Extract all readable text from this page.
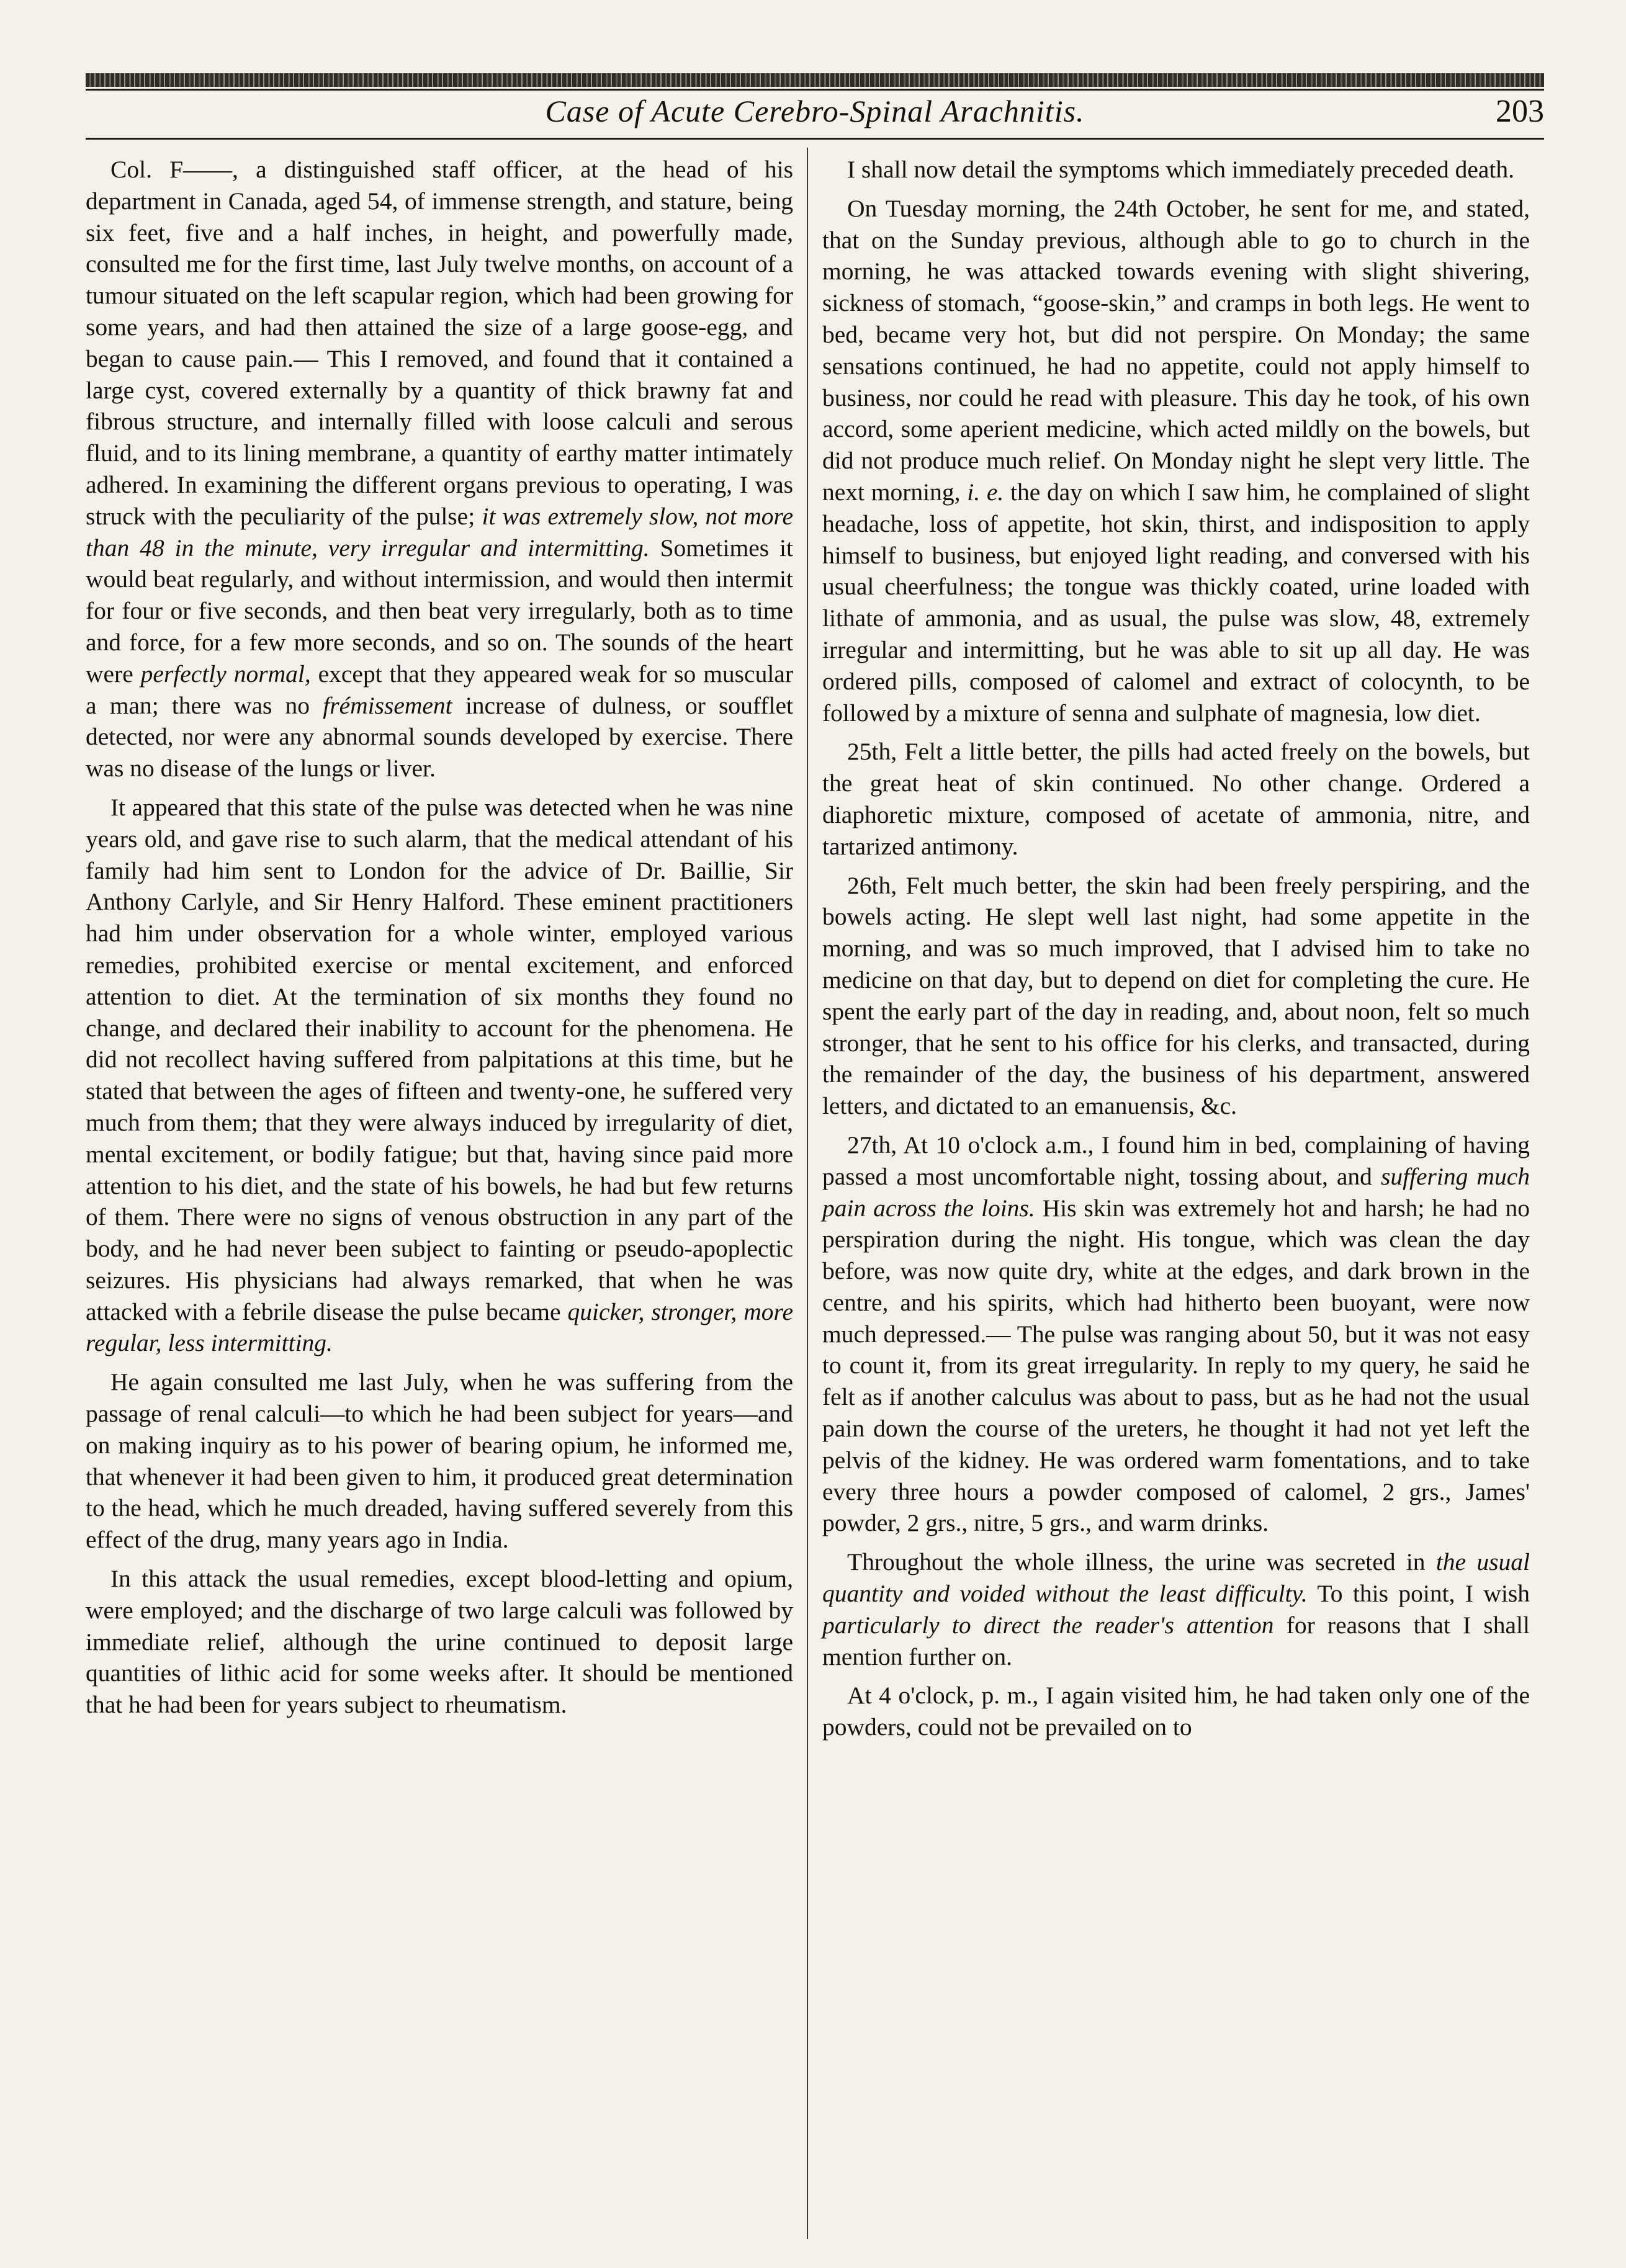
Case of Acute Cerebro-Spinal Arachnitis.	203

Col. F——, a distinguished staff officer, at the head of his department in Canada, aged 54, of immense strength, and stature, being six feet, five and a half inches, in height, and powerfully made, consulted me for the first time, last July twelve months, on account of a tumour situated on the left scapular region, which had been growing for some years, and had then attained the size of a large goose-egg, and began to cause pain.— This I removed, and found that it contained a large cyst, covered externally by a quantity of thick brawny fat and fibrous structure, and internally filled with loose calculi and serous fluid, and to its lining membrane, a quantity of earthy matter intimately adhered. In examining the different organs previous to operating, I was struck with the peculiarity of the pulse; it was extremely slow, not more than 48 in the minute, very irregular and intermitting. Sometimes it would beat regularly, and without intermission, and would then intermit for four or five seconds, and then beat very irregularly, both as to time and force, for a few more seconds, and so on. The sounds of the heart were perfectly normal, except that they appeared weak for so muscular a man; there was no frémissement increase of dulness, or soufflet detected, nor were any abnormal sounds developed by exercise. There was no disease of the lungs or liver.

It appeared that this state of the pulse was detected when he was nine years old, and gave rise to such alarm, that the medical attendant of his family had him sent to London for the advice of Dr. Baillie, Sir Anthony Carlyle, and Sir Henry Halford. These eminent practitioners had him under observation for a whole winter, employed various remedies, prohibited exercise or mental excitement, and enforced attention to diet. At the termination of six months they found no change, and declared their inability to account for the phenomena. He did not recollect having suffered from palpitations at this time, but he stated that between the ages of fifteen and twenty-one, he suffered very much from them; that they were always induced by irregularity of diet, mental excitement, or bodily fatigue; but that, having since paid more attention to his diet, and the state of his bowels, he had but few returns of them. There were no signs of venous obstruction in any part of the body, and he had never been subject to fainting or pseudo-apoplectic seizures. His physicians had always remarked, that when he was attacked with a febrile disease the pulse became quicker, stronger, more regular, less intermitting.

He again consulted me last July, when he was suffering from the passage of renal calculi—to which he had been subject for years—and on making inquiry as to his power of bearing opium, he informed me, that whenever it had been given to him, it produced great determination to the head, which he much dreaded, having suffered severely from this effect of the drug, many years ago in India.

In this attack the usual remedies, except blood-letting and opium, were employed; and the discharge of two large calculi was followed by immediate relief, although the urine continued to deposit large quantities of lithic acid for some weeks after. It should be mentioned that he had been for years subject to rheumatism.

I shall now detail the symptoms which immediately preceded death.

On Tuesday morning, the 24th October, he sent for me, and stated, that on the Sunday previous, although able to go to church in the morning, he was attacked towards evening with slight shivering, sickness of stomach, “goose-skin,” and cramps in both legs. He went to bed, became very hot, but did not perspire. On Monday; the same sensations continued, he had no appetite, could not apply himself to business, nor could he read with pleasure. This day he took, of his own accord, some aperient medicine, which acted mildly on the bowels, but did not produce much relief. On Monday night he slept very little. The next morning, i. e. the day on which I saw him, he complained of slight headache, loss of appetite, hot skin, thirst, and indisposition to apply himself to business, but enjoyed light reading, and conversed with his usual cheerfulness; the tongue was thickly coated, urine loaded with lithate of ammonia, and as usual, the pulse was slow, 48, extremely irregular and intermitting, but he was able to sit up all day. He was ordered pills, composed of calomel and extract of colocynth, to be followed by a mixture of senna and sulphate of magnesia, low diet.

25th, Felt a little better, the pills had acted freely on the bowels, but the great heat of skin continued. No other change. Ordered a diaphoretic mixture, composed of acetate of ammonia, nitre, and tartarized antimony.

26th, Felt much better, the skin had been freely perspiring, and the bowels acting. He slept well last night, had some appetite in the morning, and was so much improved, that I advised him to take no medicine on that day, but to depend on diet for completing the cure. He spent the early part of the day in reading, and, about noon, felt so much stronger, that he sent to his office for his clerks, and transacted, during the remainder of the day, the business of his department, answered letters, and dictated to an emanuensis, &c.

27th, At 10 o'clock a.m., I found him in bed, complaining of having passed a most uncomfortable night, tossing about, and suffering much pain across the loins. His skin was extremely hot and harsh; he had no perspiration during the night. His tongue, which was clean the day before, was now quite dry, white at the edges, and dark brown in the centre, and his spirits, which had hitherto been buoyant, were now much depressed.— The pulse was ranging about 50, but it was not easy to count it, from its great irregularity. In reply to my query, he said he felt as if another calculus was about to pass, but as he had not the usual pain down the course of the ureters, he thought it had not yet left the pelvis of the kidney. He was ordered warm fomentations, and to take every three hours a powder composed of calomel, 2 grs., James' powder, 2 grs., nitre, 5 grs., and warm drinks.

Throughout the whole illness, the urine was secreted in the usual quantity and voided without the least difficulty. To this point, I wish particularly to direct the reader's attention for reasons that I shall mention further on.

At 4 o'clock, p. m., I again visited him, he had taken only one of the powders, could not be prevailed on to
